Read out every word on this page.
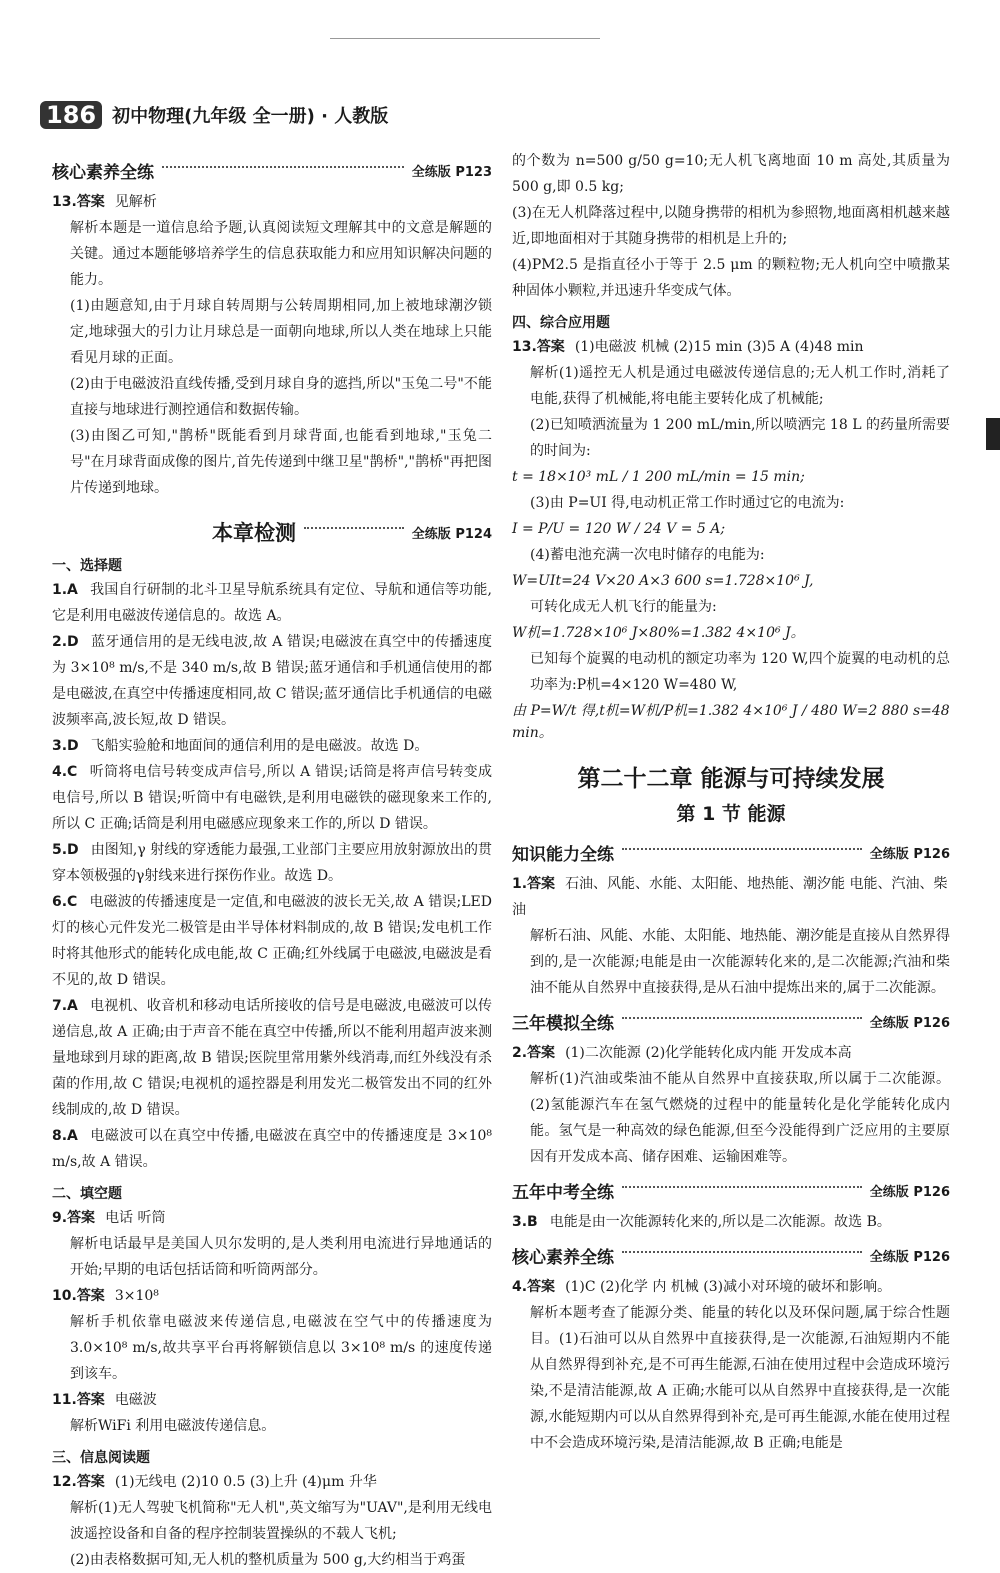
186 初中物理(九年级 全一册) · 人教版
核心素养全练	全练版 P123

13.答案 见解析

解析本题是一道信息给予题,认真阅读短文理解其中的文意是解题的关键。通过本题能够培养学生的信息获取能力和应用知识解决问题的能力。

(1)由题意知,由于月球自转周期与公转周期相同,加上被地球潮汐锁定,地球强大的引力让月球总是一面朝向地球,所以人类在地球上只能看见月球的正面。

(2)由于电磁波沿直线传播,受到月球自身的遮挡,所以"玉兔二号"不能直接与地球进行测控通信和数据传输。

(3)由图乙可知,"鹊桥"既能看到月球背面,也能看到地球,"玉兔二号"在月球背面成像的图片,首先传递到中继卫星"鹊桥","鹊桥"再把图片传递到地球。

本章检测	全练版 P124
一、选择题

1.A 我国自行研制的北斗卫星导航系统具有定位、导航和通信等功能,它是利用电磁波传递信息的。故选 A。

2.D 蓝牙通信用的是无线电波,故 A 错误;电磁波在真空中的传播速度为 3×10⁸ m/s,不是 340 m/s,故 B 错误;蓝牙通信和手机通信使用的都是电磁波,在真空中传播速度相同,故 C 错误;蓝牙通信比手机通信的电磁波频率高,波长短,故 D 错误。

3.D 飞船实验舱和地面间的通信利用的是电磁波。故选 D。

4.C 听筒将电信号转变成声信号,所以 A 错误;话筒是将声信号转变成电信号,所以 B 错误;听筒中有电磁铁,是利用电磁铁的磁现象来工作的,所以 C 正确;话筒是利用电磁感应现象来工作的,所以 D 错误。

5.D 由图知,γ 射线的穿透能力最强,工业部门主要应用放射源放出的贯穿本领极强的γ射线来进行探伤作业。故选 D。

6.C 电磁波的传播速度是一定值,和电磁波的波长无关,故 A 错误;LED 灯的核心元件发光二极管是由半导体材料制成的,故 B 错误;发电机工作时将其他形式的能转化成电能,故 C 正确;红外线属于电磁波,电磁波是看不见的,故 D 错误。

7.A 电视机、收音机和移动电话所接收的信号是电磁波,电磁波可以传递信息,故 A 正确;由于声音不能在真空中传播,所以不能利用超声波来测量地球到月球的距离,故 B 错误;医院里常用紫外线消毒,而红外线没有杀菌的作用,故 C 错误;电视机的遥控器是利用发光二极管发出不同的红外线制成的,故 D 错误。

8.A 电磁波可以在真空中传播,电磁波在真空中的传播速度是 3×10⁸ m/s,故 A 错误。

二、填空题

9.答案 电话 听筒

解析电话最早是美国人贝尔发明的,是人类利用电流进行异地通话的开始;早期的电话包括话筒和听筒两部分。

10.答案 3×10⁸

解析手机依靠电磁波来传递信息,电磁波在空气中的传播速度为 3.0×10⁸ m/s,故共享平台再将解锁信息以 3×10⁸ m/s 的速度传递到该车。

11.答案 电磁波

解析WiFi 利用电磁波传递信息。

三、信息阅读题

12.答案 (1)无线电 (2)10 0.5 (3)上升 (4)μm 升华

解析(1)无人驾驶飞机简称"无人机",英文缩写为"UAV",是利用无线电波遥控设备和自备的程序控制装置操纵的不载人飞机;

(2)由表格数据可知,无人机的整机质量为 500 g,大约相当于鸡蛋

的个数为 n=500 g/50 g=10;无人机飞离地面 10 m 高处,其质量为 500 g,即 0.5 kg;

(3)在无人机降落过程中,以随身携带的相机为参照物,地面离相机越来越近,即地面相对于其随身携带的相机是上升的;

(4)PM2.5 是指直径小于等于 2.5 μm 的颗粒物;无人机向空中喷撒某种固体小颗粒,并迅速升华变成气体。

四、综合应用题

13.答案 (1)电磁波 机械 (2)15 min (3)5 A (4)48 min

解析(1)遥控无人机是通过电磁波传递信息的;无人机工作时,消耗了电能,获得了机械能,将电能主要转化成了机械能;

(2)已知喷洒流量为 1 200 mL/min,所以喷洒完 18 L 的药量所需要的时间为:

t = 18×10³ mL / 1 200 mL/min = 15 min;

(3)由 P=UI 得,电动机正常工作时通过它的电流为:

I = P/U = 120 W / 24 V = 5 A;

(4)蓄电池充满一次电时储存的电能为:

W=UIt=24 V×20 A×3 600 s=1.728×10⁶ J,

可转化成无人机飞行的能量为:

W机=1.728×10⁶ J×80%=1.382 4×10⁶ J。

已知每个旋翼的电动机的额定功率为 120 W,四个旋翼的电动机的总功率为:P机=4×120 W=480 W,

由 P=W/t 得,t机=W机/P机=1.382 4×10⁶ J / 480 W=2 880 s=48 min。

第二十二章 能源与可持续发展
第 1 节 能源
知识能力全练	全练版 P126

1.答案 石油、风能、水能、太阳能、地热能、潮汐能 电能、汽油、柴油

解析石油、风能、水能、太阳能、地热能、潮汐能是直接从自然界得到的,是一次能源;电能是由一次能源转化来的,是二次能源;汽油和柴油不能从自然界中直接获得,是从石油中提炼出来的,属于二次能源。

三年模拟全练	全练版 P126

2.答案 (1)二次能源 (2)化学能转化成内能 开发成本高

解析(1)汽油或柴油不能从自然界中直接获取,所以属于二次能源。(2)氢能源汽车在氢气燃烧的过程中的能量转化是化学能转化成内能。氢气是一种高效的绿色能源,但至今没能得到广泛应用的主要原因有开发成本高、储存困难、运输困难等。

五年中考全练	全练版 P126

3.B 电能是由一次能源转化来的,所以是二次能源。故选 B。

核心素养全练	全练版 P126

4.答案 (1)C (2)化学 内 机械 (3)减小对环境的破坏和影响。

解析本题考查了能源分类、能量的转化以及环保问题,属于综合性题目。(1)石油可以从自然界中直接获得,是一次能源,石油短期内不能从自然界得到补充,是不可再生能源,石油在使用过程中会造成环境污染,不是清洁能源,故 A 正确;水能可以从自然界中直接获得,是一次能源,水能短期内可以从自然界得到补充,是可再生能源,水能在使用过程中不会造成环境污染,是清洁能源,故 B 正确;电能是
